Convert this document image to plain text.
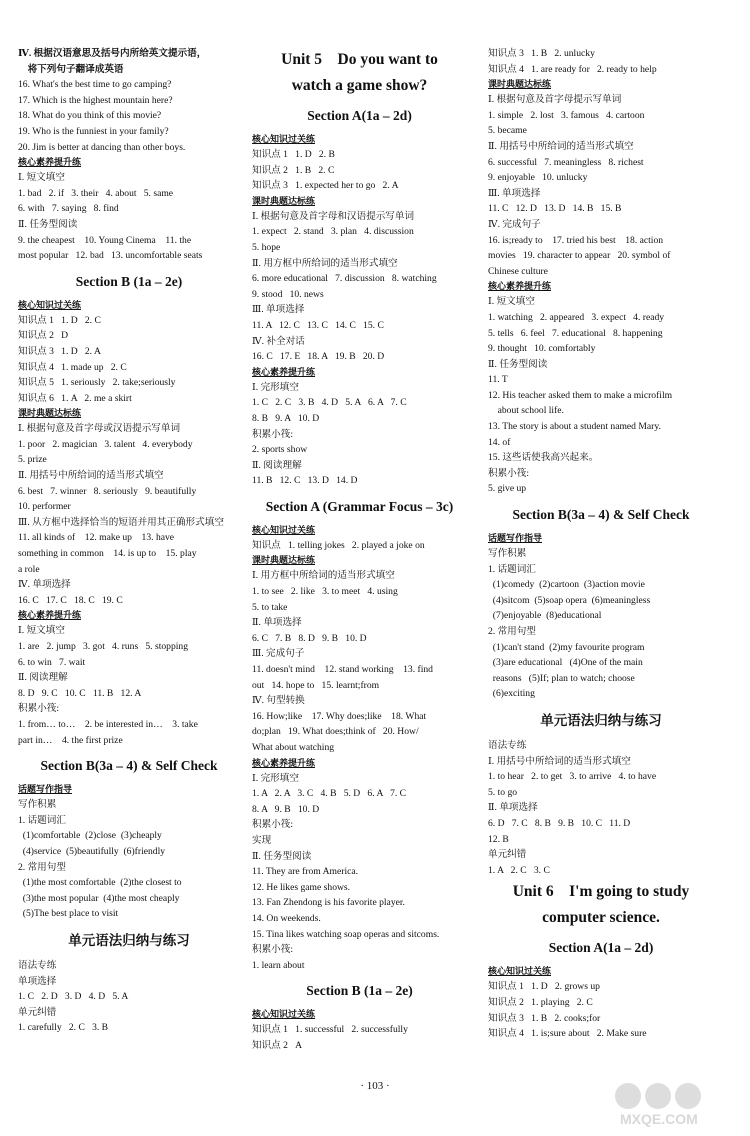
Ⅳ. 根据汉语意思及括号内所给英文提示语，
将下列句子翻译成英语
16. What's the best time to go camping?
17. Which is the highest mountain here?
18. What do you think of this movie?
19. Who is the funniest in your family?
20. Jim is better at dancing than other boys.
核心素养提升练
Ⅰ. 短文填空
1. bad   2. if   3. their   4. about   5. same
6. with   7. saying   8. find
Ⅱ. 任务型阅读
9. the cheapest    10. Young Cinema    11. the
most popular   12. bad   13. uncomfortable seats
Section B (1a – 2e)
核心知识过关练
知识点 1   1. D   2. C
知识点 2   D
知识点 3   1. D   2. A
知识点 4   1. made up   2. C
知识点 5   1. seriously   2. take;seriously
知识点 6   1. A   2. me a skirt
课时典题达标练
Ⅰ. 根据句意及首字母或汉语提示写单词
1. poor   2. magician   3. talent   4. everybody
5. prize
Ⅱ. 用括号中所给词的适当形式填空
6. best   7. winner   8. seriously   9. beautifully
10. performer
Ⅲ. 从方框中选择恰当的短语并用其正确形式填空
11. all kinds of    12. make up    13. have
something in common    14. is up to    15. play
a role
Ⅳ. 单项选择
16. C   17. C   18. C   19. C
核心素养提升练
Ⅰ. 短文填空
1. are   2. jump   3. got   4. runs   5. stopping
6. to win   7. wait
Ⅱ. 阅读理解
8. D   9. C   10. C   11. B   12. A
积累小筏:
1. from… to…    2. be interested in…    3. take
part in…    4. the first prize
Section B(3a – 4) & Self Check
话题写作指导
写作积累
1. 话题词汇
(1)comfortable  (2)close  (3)cheaply
(4)service  (5)beautifully  (6)friendly
2. 常用句型
(1)the most comfortable  (2)the closest to
(3)the most popular  (4)the most cheaply
(5)The best place to visit
单元语法归纳与练习
语法专练
单项选择
1. C   2. D   3. D   4. D   5. A
单元纠错
1. carefully   2. C   3. B
Unit 5    Do you want to
watch a game show?
Section A(1a – 2d)
核心知识过关练
知识点 1   1. D   2. B
知识点 2   1. B   2. C
知识点 3   1. expected her to go   2. A
课时典题达标练
Ⅰ. 根据句意及首字母和汉语提示写单词
1. expect   2. stand   3. plan   4. discussion
5. hope
Ⅱ. 用方框中所给词的适当形式填空
6. more educational   7. discussion   8. watching
9. stood   10. news
Ⅲ. 单项选择
11. A   12. C   13. C   14. C   15. C
Ⅳ. 补全对话
16. C   17. E   18. A   19. B   20. D
核心素养提升练
Ⅰ. 完形填空
1. C   2. C   3. B   4. D   5. A   6. A   7. C
8. B   9. A   10. D
积累小筏:
2. sports show
Ⅱ. 阅读理解
11. B   12. C   13. D   14. D
Section A (Grammar Focus – 3c)
核心知识过关练
知识点   1. telling jokes   2. played a joke on
课时典题达标练
Ⅰ. 用方框中所给词的适当形式填空
1. to see   2. like   3. to meet   4. using
5. to take
Ⅱ. 单项选择
6. C   7. B   8. D   9. B   10. D
Ⅲ. 完成句子
11. doesn't mind    12. stand working    13. find
out   14. hope to   15. learnt;from
Ⅳ. 句型转换
16. How;like    17. Why does;like    18. What
do;plan   19. What does;think of   20. How/
What about watching
核心素养提升练
Ⅰ. 完形填空
1. A   2. A   3. C   4. B   5. D   6. A   7. C
8. A   9. B   10. D
积累小筏:
实现
Ⅱ. 任务型阅读
11. They are from America.
12. He likes game shows.
13. Fan Zhendong is his favorite player.
14. On weekends.
15. Tina likes watching soap operas and sitcoms.
积累小筏:
1. learn about
Section B (1a – 2e)
核心知识过关练
知识点 1   1. successful   2. successfully
知识点 2   A
知识点 3   1. B   2. unlucky
知识点 4   1. are ready for   2. ready to help
课时典题达标练
Ⅰ. 根据句意及首字母提示写单词
1. simple   2. lost   3. famous   4. cartoon
5. became
Ⅱ. 用括号中所给词的适当形式填空
6. successful   7. meaningless   8. richest
9. enjoyable   10. unlucky
Ⅲ. 单项选择
11. C   12. D   13. D   14. B   15. B
Ⅳ. 完成句子
16. is;ready to    17. tried his best    18. action
movies   19. character to appear   20. symbol of
Chinese culture
核心素养提升练
Ⅰ. 短文填空
1. watching   2. appeared   3. expect   4. ready
5. tells   6. feel   7. educational   8. happening
9. thought   10. comfortably
Ⅱ. 任务型阅读
11. T
12. His teacher asked them to make a microfilm
about school life.
13. The story is about a student named Mary.
14. of
15. 这些话使我高兴起来。
积累小筏:
5. give up
Section B(3a – 4) & Self Check
话题写作指导
写作积累
1. 话题词汇
(1)comedy  (2)cartoon  (3)action movie
(4)sitcom  (5)soap opera  (6)meaningless
(7)enjoyable  (8)educational
2. 常用句型
(1)can't stand  (2)my favourite program
(3)are educational   (4)One of the main
reasons   (5)If; plan to watch; choose
(6)exciting
单元语法归纳与练习
语法专练
Ⅰ. 用括号中所给词的适当形式填空
1. to hear   2. to get   3. to arrive   4. to have
5. to go
Ⅱ. 单项选择
6. D   7. C   8. B   9. B   10. C   11. D
12. B
单元纠错
1. A   2. C   3. C
Unit 6    I'm going to study
computer science.
Section A(1a – 2d)
核心知识过关练
知识点 1   1. D   2. grows up
知识点 2   1. playing   2. C
知识点 3   1. B   2. cooks;for
知识点 4   1. is;sure about   2. Make sure
· 103 ·
MXQE.COM
